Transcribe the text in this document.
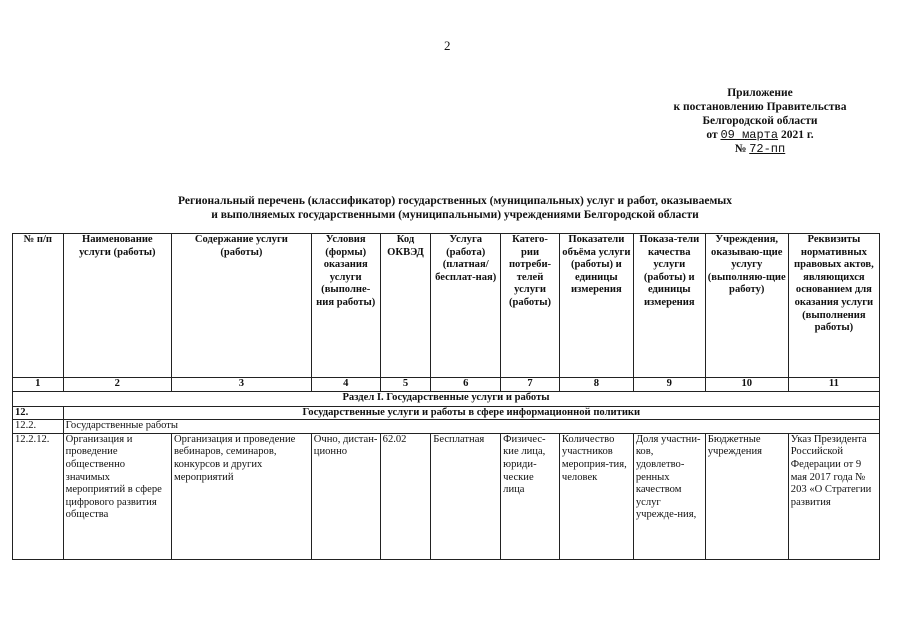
2
Приложение
к постановлению Правительства
Белгородской области
от 09 марта 2021 г.
№ 72-пп
Региональный перечень (классификатор) государственных (муниципальных) услуг и работ, оказываемых
и выполняемых государственными (муниципальными) учреждениями Белгородской области
№ п/п	Наименование услуги (работы)	Содержание услуги (работы)	Условия (формы) оказания услуги (выполне-ния работы)	Код ОКВЭД	Услуга (работа) (платная/ бесплат-ная)	Катего-рии потреби-телей услуги (работы)	Показатели объёма услуги (работы) и единицы измерения	Показа-тели качества услуги (работы) и единицы измерения	Учреждения, оказываю-щие услугу (выполняю-щие работу)	Реквизиты нормативных правовых актов, являющихся основанием для оказания услуги (выполнения работы)
1	2	3	4	5	6	7	8	9	10	11
Раздел I. Государственные услуги и работы										
12.	Государственные услуги и работы в сфере информационной политики									
12.2.	Государственные работы									
12.2.12.	Организация и проведение общественно значимых мероприятий в сфере цифрового развития общества	Организация и проведение вебинаров, семинаров, конкурсов и других мероприятий	Очно, дистан-ционно	62.02	Бесплатная	Физичес-кие лица, юриди-ческие лица	Количество участников мероприя-тия, человек	Доля участни-ков, удовлетво-ренных качеством услуг учрежде-ния,	Бюджетные учреждения	Указ Президента Российской Федерации от 9 мая 2017 года № 203 «О Стратегии развития
